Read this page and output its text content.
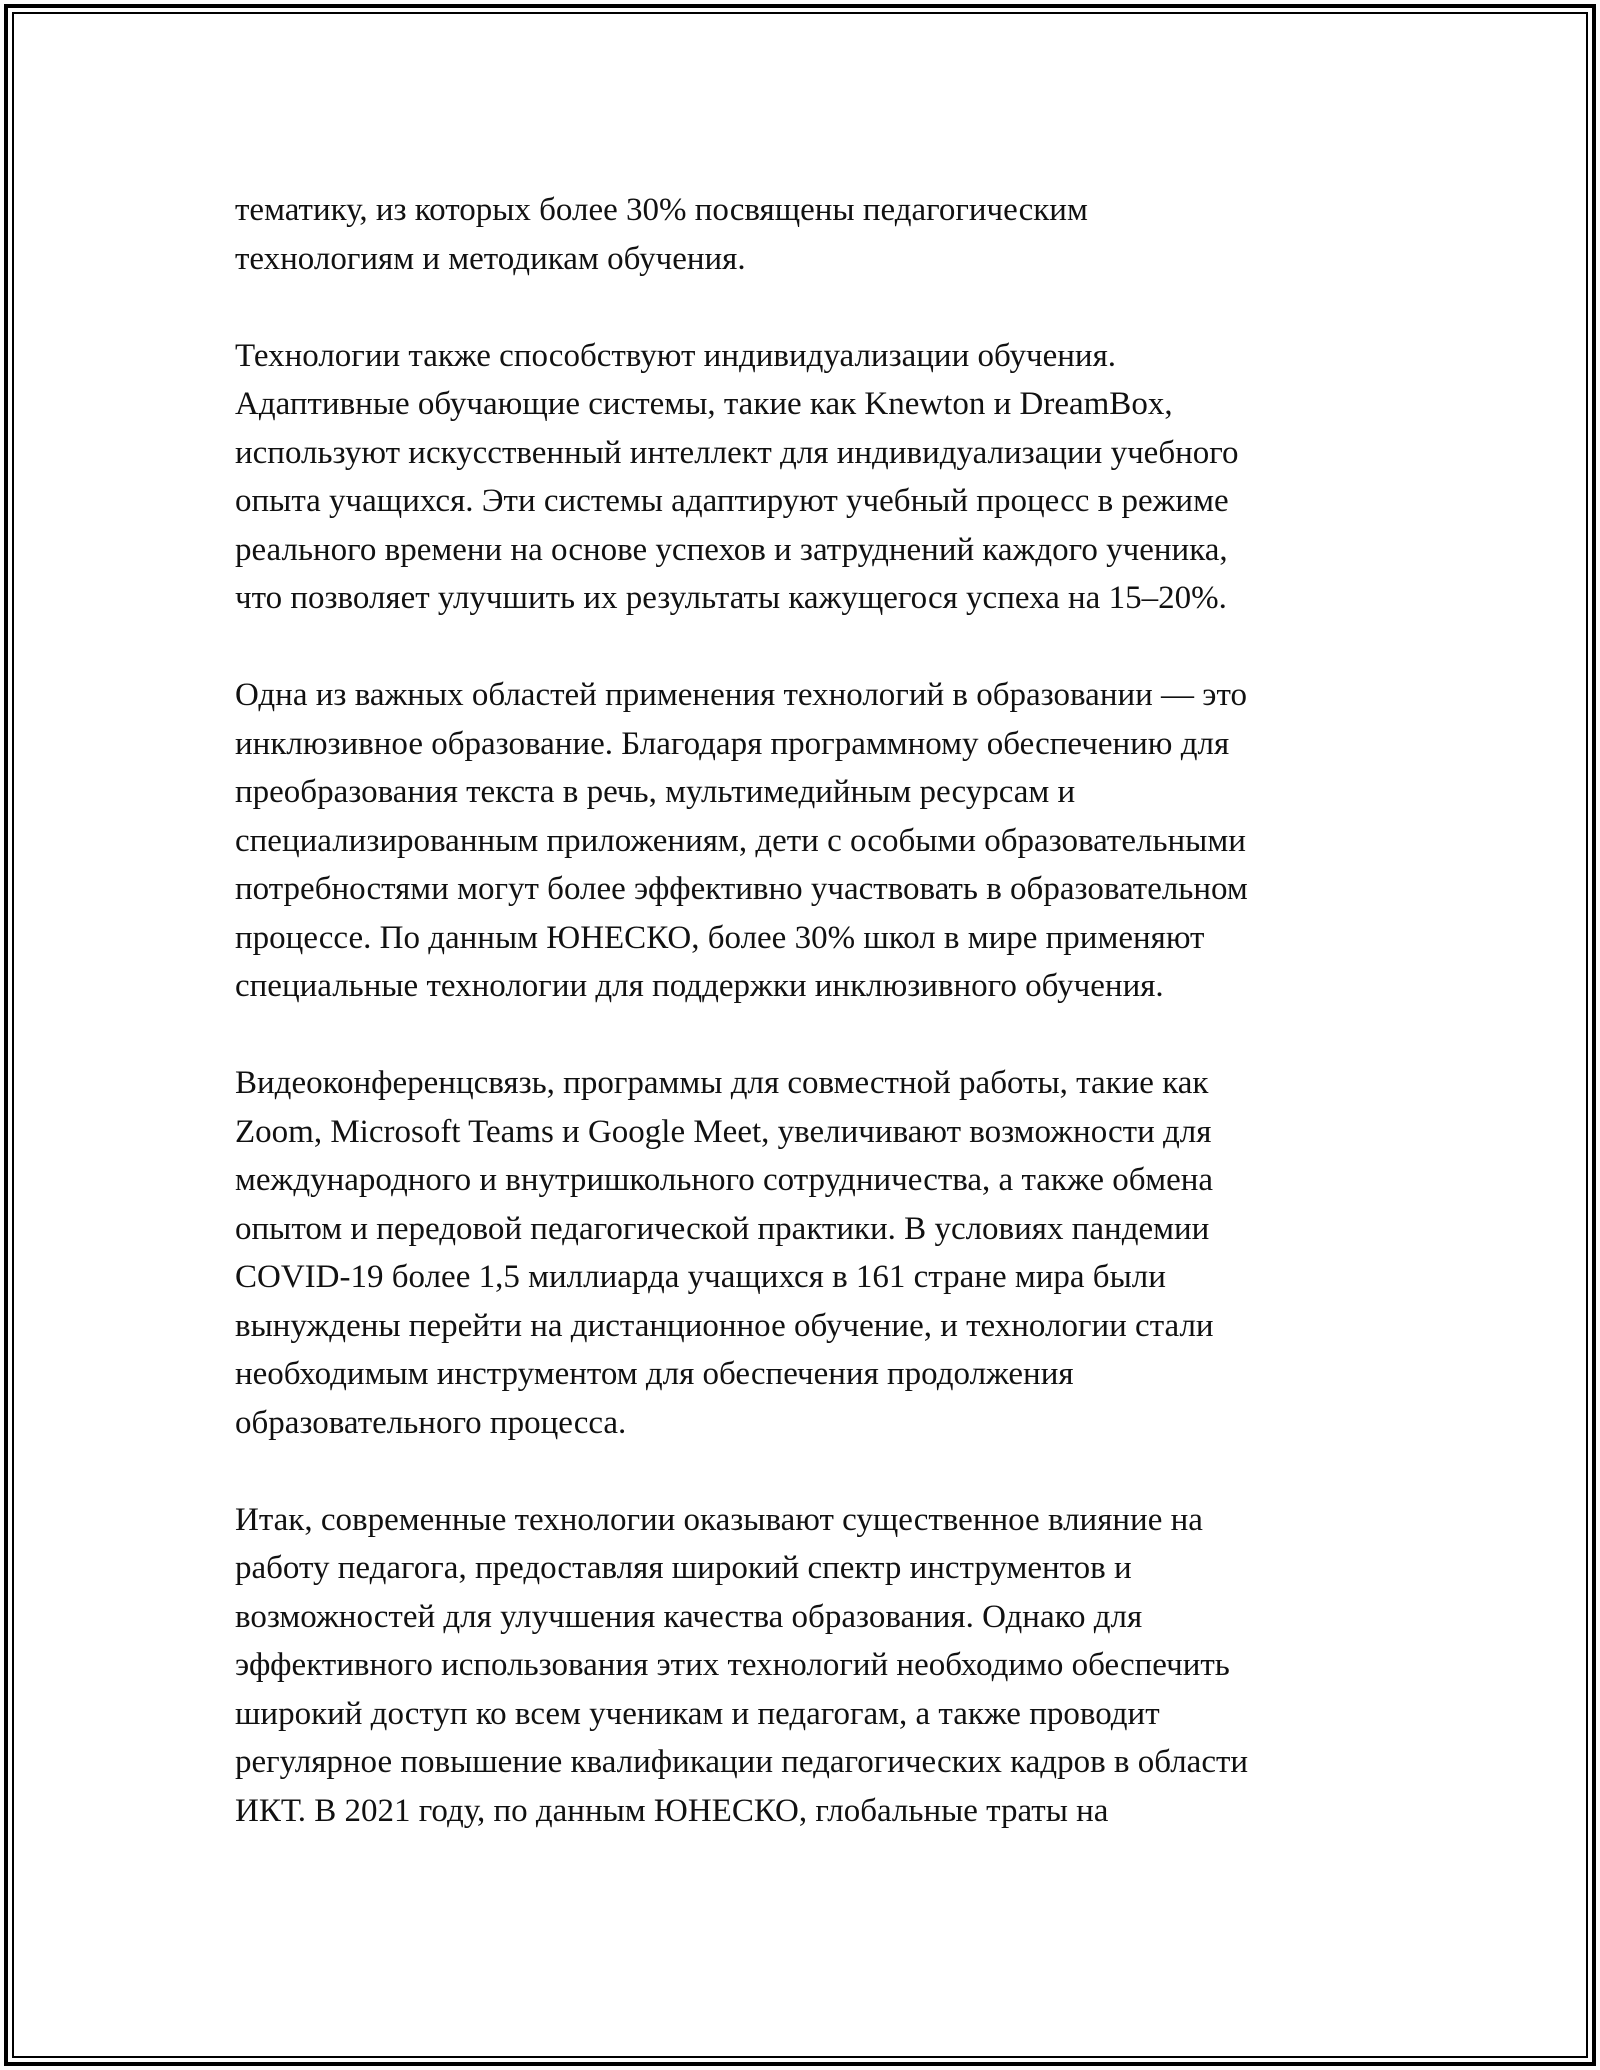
тематику, из которых более 30% посвящены педагогическим
технологиям и методикам обучения.

Технологии также способствуют индивидуализации обучения.
Адаптивные обучающие системы, такие как Knewton и DreamBox,
используют искусственный интеллект для индивидуализации учебного
опыта учащихся. Эти системы адаптируют учебный процесс в режиме
реального времени на основе успехов и затруднений каждого ученика,
что позволяет улучшить их результаты кажущегося успеха на 15–20%.

Одна из важных областей применения технологий в образовании — это
инклюзивное образование. Благодаря программному обеспечению для
преобразования текста в речь, мультимедийным ресурсам и
специализированным приложениям, дети с особыми образовательными
потребностями могут более эффективно участвовать в образовательном
процессе. По данным ЮНЕСКО, более 30% школ в мире применяют
специальные технологии для поддержки инклюзивного обучения.

Видеоконференцсвязь, программы для совместной работы, такие как
Zoom, Microsoft Teams и Google Meet, увеличивают возможности для
международного и внутришкольного сотрудничества, а также обмена
опытом и передовой педагогической практики. В условиях пандемии
COVID-19 более 1,5 миллиарда учащихся в 161 стране мира были
вынуждены перейти на дистанционное обучение, и технологии стали
необходимым инструментом для обеспечения продолжения
образовательного процесса.

Итак, современные технологии оказывают существенное влияние на
работу педагога, предоставляя широкий спектр инструментов и
возможностей для улучшения качества образования. Однако для
эффективного использования этих технологий необходимо обеспечить
широкий доступ ко всем ученикам и педагогам, а также проводит
регулярное повышение квалификации педагогических кадров в области
ИКТ. В 2021 году, по данным ЮНЕСКО, глобальные траты на
